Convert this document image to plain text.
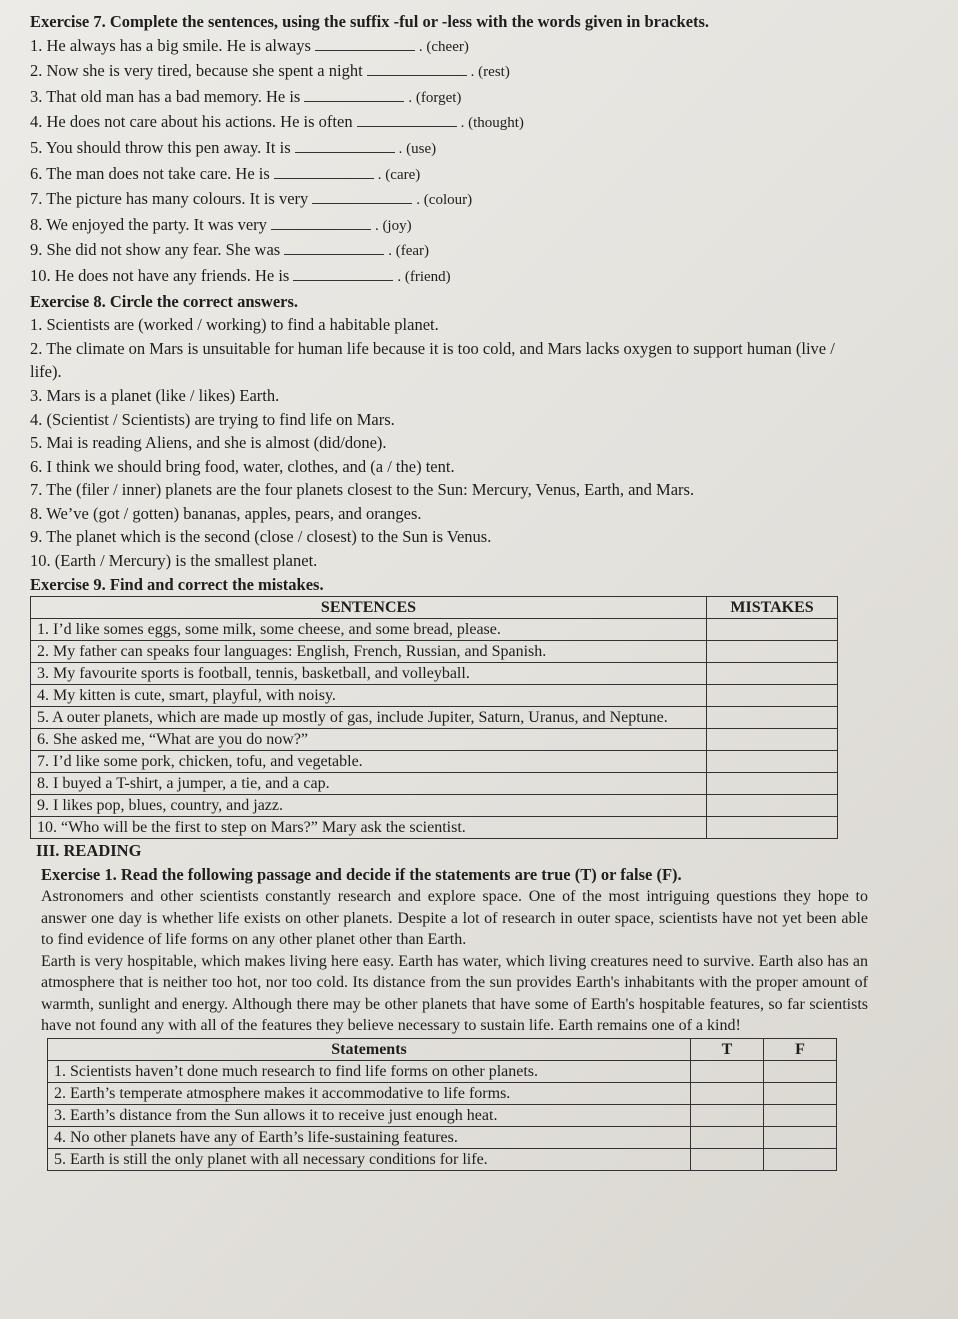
Exercise 7. Complete the sentences, using the suffix -ful or -less with the words given in brackets.
1. He always has a big smile. He is always	. (cheer)
2. Now she is very tired, because she spent a night	. (rest)
3. That old man has a bad memory. He is	. (forget)
4. He does not care about his actions. He is often	. (thought)
5. You should throw this pen away. It is	. (use)
6. The man does not take care. He is	. (care)
7. The picture has many colours. It is very	. (colour)
8. We enjoyed the party. It was very	. (joy)
9. She did not show any fear. She was	. (fear)
10. He does not have any friends. He is	. (friend)
Exercise 8. Circle the correct answers.
1. Scientists are (worked / working) to find a habitable planet.
2. The climate on Mars is unsuitable for human life because it is too cold, and Mars lacks oxygen to support human (live / life).
3. Mars is a planet (like / likes) Earth.
4. (Scientist / Scientists) are trying to find life on Mars.
5. Mai is reading Aliens, and she is almost (did/done).
6. I think we should bring food, water, clothes, and (a / the) tent.
7. The (filer / inner) planets are the four planets closest to the Sun: Mercury, Venus, Earth, and Mars.
8. We’ve (got / gotten) bananas, apples, pears, and oranges.
9. The planet which is the second (close / closest) to the Sun is Venus.
10. (Earth / Mercury) is the smallest planet.
Exercise 9. Find and correct the mistakes.
SENTENCES	MISTAKES
1. I’d like somes eggs, some milk, some cheese, and some bread, please.	
2. My father can speaks four languages: English, French, Russian, and Spanish.	
3. My favourite sports is football, tennis, basketball, and volleyball.	
4. My kitten is cute, smart, playful, with noisy.	
5. A outer planets, which are made up mostly of gas, include Jupiter, Saturn, Uranus, and Neptune.	
6. She asked me, “What are you do now?”	
7. I’d like some pork, chicken, tofu, and vegetable.	
8. I buyed a T-shirt, a jumper, a tie, and a cap.	
9. I likes pop, blues, country, and jazz.	
10. “Who will be the first to step on Mars?” Mary ask the scientist.	
III. READING
Exercise 1. Read the following passage and decide if the statements are true (T) or false (F).
Astronomers and other scientists constantly research and explore space. One of the most intriguing questions they hope to answer one day is whether life exists on other planets. Despite a lot of research in outer space, scientists have not yet been able to find evidence of life forms on any other planet other than Earth.
Earth is very hospitable, which makes living here easy. Earth has water, which living creatures need to survive. Earth also has an atmosphere that is neither too hot, nor too cold. Its distance from the sun provides Earth's inhabitants with the proper amount of warmth, sunlight and energy. Although there may be other planets that have some of Earth's hospitable features, so far scientists have not found any with all of the features they believe necessary to sustain life. Earth remains one of a kind!
Statements	T	F
1. Scientists haven’t done much research to find life forms on other planets.		
2. Earth’s temperate atmosphere makes it accommodative to life forms.		
3. Earth’s distance from the Sun allows it to receive just enough heat.		
4. No other planets have any of Earth’s life-sustaining features.		
5. Earth is still the only planet with all necessary conditions for life.		
